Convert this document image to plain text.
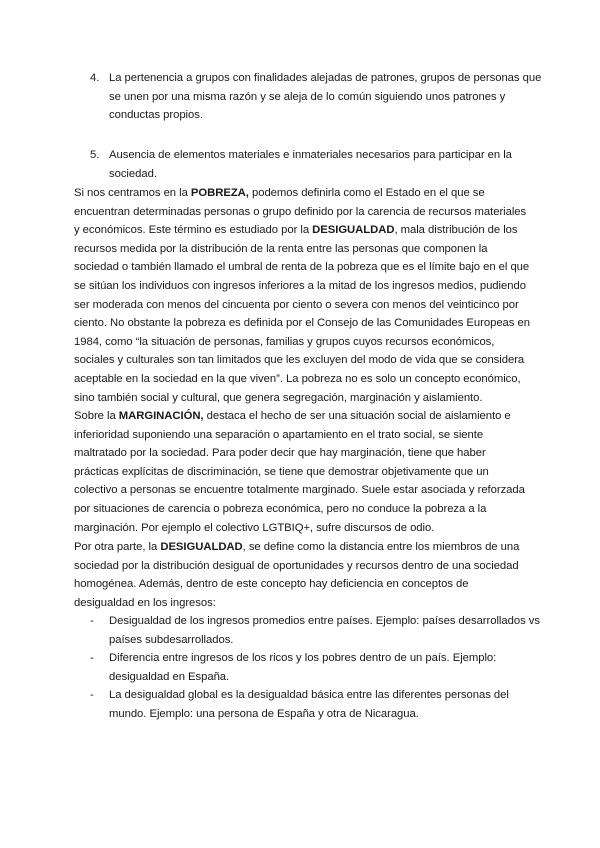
4. La pertenencia a grupos con finalidades alejadas de patrones, grupos de personas que se unen por una misma razón y se aleja de lo común siguiendo unos patrones y conductas propios.
5. Ausencia de elementos materiales e inmateriales necesarios para participar en la sociedad.
Si nos centramos en la POBREZA, podemos definirla como el Estado en el que se encuentran determinadas personas o grupo definido por la carencia de recursos materiales y económicos. Este término es estudiado por la DESIGUALDAD, mala distribución de los recursos medida por la distribución de la renta entre las personas que componen la sociedad o también llamado el umbral de renta de la pobreza que es el límite bajo en el que se sitúan los individuos con ingresos inferiores a la mitad de los ingresos medios, pudiendo ser moderada con menos del cincuenta por ciento o severa con menos del veinticinco por ciento. No obstante la pobreza es definida por el Consejo de las Comunidades Europeas en 1984, como “la situación de personas, familias y grupos cuyos recursos económicos, sociales y culturales son tan limitados que les excluyen del modo de vida que se considera aceptable en la sociedad en la que viven”. La pobreza no es solo un concepto económico, sino también social y cultural, que genera segregación, marginación y aislamiento.
Sobre la MARGINACIÓN, destaca el hecho de ser una situación social de aislamiento e inferioridad suponiendo una separación o apartamiento en el trato social, se siente maltratado por la sociedad. Para poder decir que hay marginación, tiene que haber prácticas explícitas de discriminación, se tiene que demostrar objetivamente que un colectivo a personas se encuentre totalmente marginado. Suele estar asociada y reforzada por situaciones de carencia o pobreza económica, pero no conduce la pobreza a la marginación. Por ejemplo el colectivo LGTBIQ+, sufre discursos de odio.
Por otra parte, la DESIGUALDAD, se define como la distancia entre los miembros de una sociedad por la distribución desigual de oportunidades y recursos dentro de una sociedad homogénea. Además, dentro de este concepto hay deficiencia en conceptos de desigualdad en los ingresos:
- Desigualdad de los ingresos promedios entre países. Ejemplo: países desarrollados vs países subdesarrollados.
- Diferencia entre ingresos de los ricos y los pobres dentro de un país. Ejemplo: desigualdad en España.
- La desigualdad global es la desigualdad básica entre las diferentes personas del mundo. Ejemplo: una persona de España y otra de Nicaragua.
